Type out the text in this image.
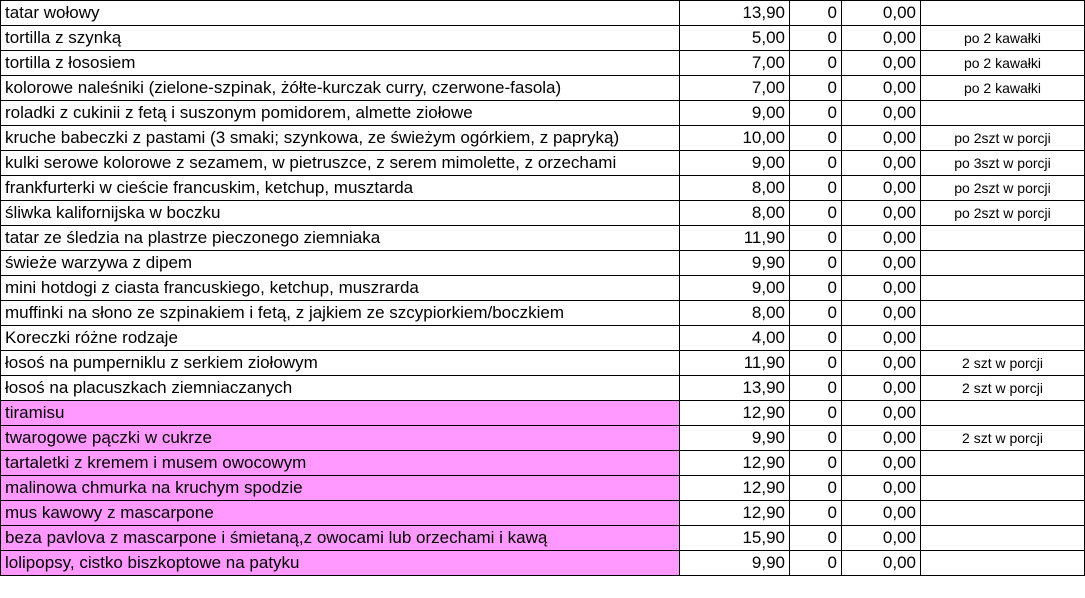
tatar wołowy	13,90	0	0,00	
tortilla z szynką	5,00	0	0,00	po 2 kawałki
tortilla z łososiem	7,00	0	0,00	po 2 kawałki
kolorowe naleśniki (zielone-szpinak, żółte-kurczak curry, czerwone-fasola)	7,00	0	0,00	po 2 kawałki
roladki z cukinii z fetą i suszonym pomidorem, almette ziołowe	9,00	0	0,00	
kruche babeczki z pastami (3 smaki; szynkowa, ze świeżym ogórkiem, z papryką)	10,00	0	0,00	po 2szt w porcji
kulki serowe kolorowe z sezamem, w pietruszce, z serem mimolette, z orzechami	9,00	0	0,00	po 3szt w porcji
frankfurterki w cieście francuskim, ketchup, musztarda	8,00	0	0,00	po 2szt w porcji
śliwka kalifornijska w boczku	8,00	0	0,00	po 2szt w porcji
tatar ze śledzia na plastrze pieczonego ziemniaka	11,90	0	0,00	
świeże warzywa z dipem	9,90	0	0,00	
mini hotdogi z ciasta francuskiego, ketchup, muszrarda	9,00	0	0,00	
muffinki na słono ze szpinakiem i fetą, z jajkiem ze szcypiorkiem/boczkiem	8,00	0	0,00	
Koreczki różne rodzaje	4,00	0	0,00	
łosoś na pumperniklu z serkiem ziołowym	11,90	0	0,00	2 szt w porcji
łosoś na placuszkach ziemniaczanych	13,90	0	0,00	2 szt w porcji
tiramisu	12,90	0	0,00	
twarogowe pączki w cukrze	9,90	0	0,00	2 szt w porcji
tartaletki z kremem i musem owocowym	12,90	0	0,00	
malinowa chmurka na kruchym spodzie	12,90	0	0,00	
mus kawowy z mascarpone	12,90	0	0,00	
beza pavlova z mascarpone i śmietaną,z owocami lub orzechami i kawą	15,90	0	0,00	
lolipopsy, cistko biszkoptowe na patyku	9,90	0	0,00	
